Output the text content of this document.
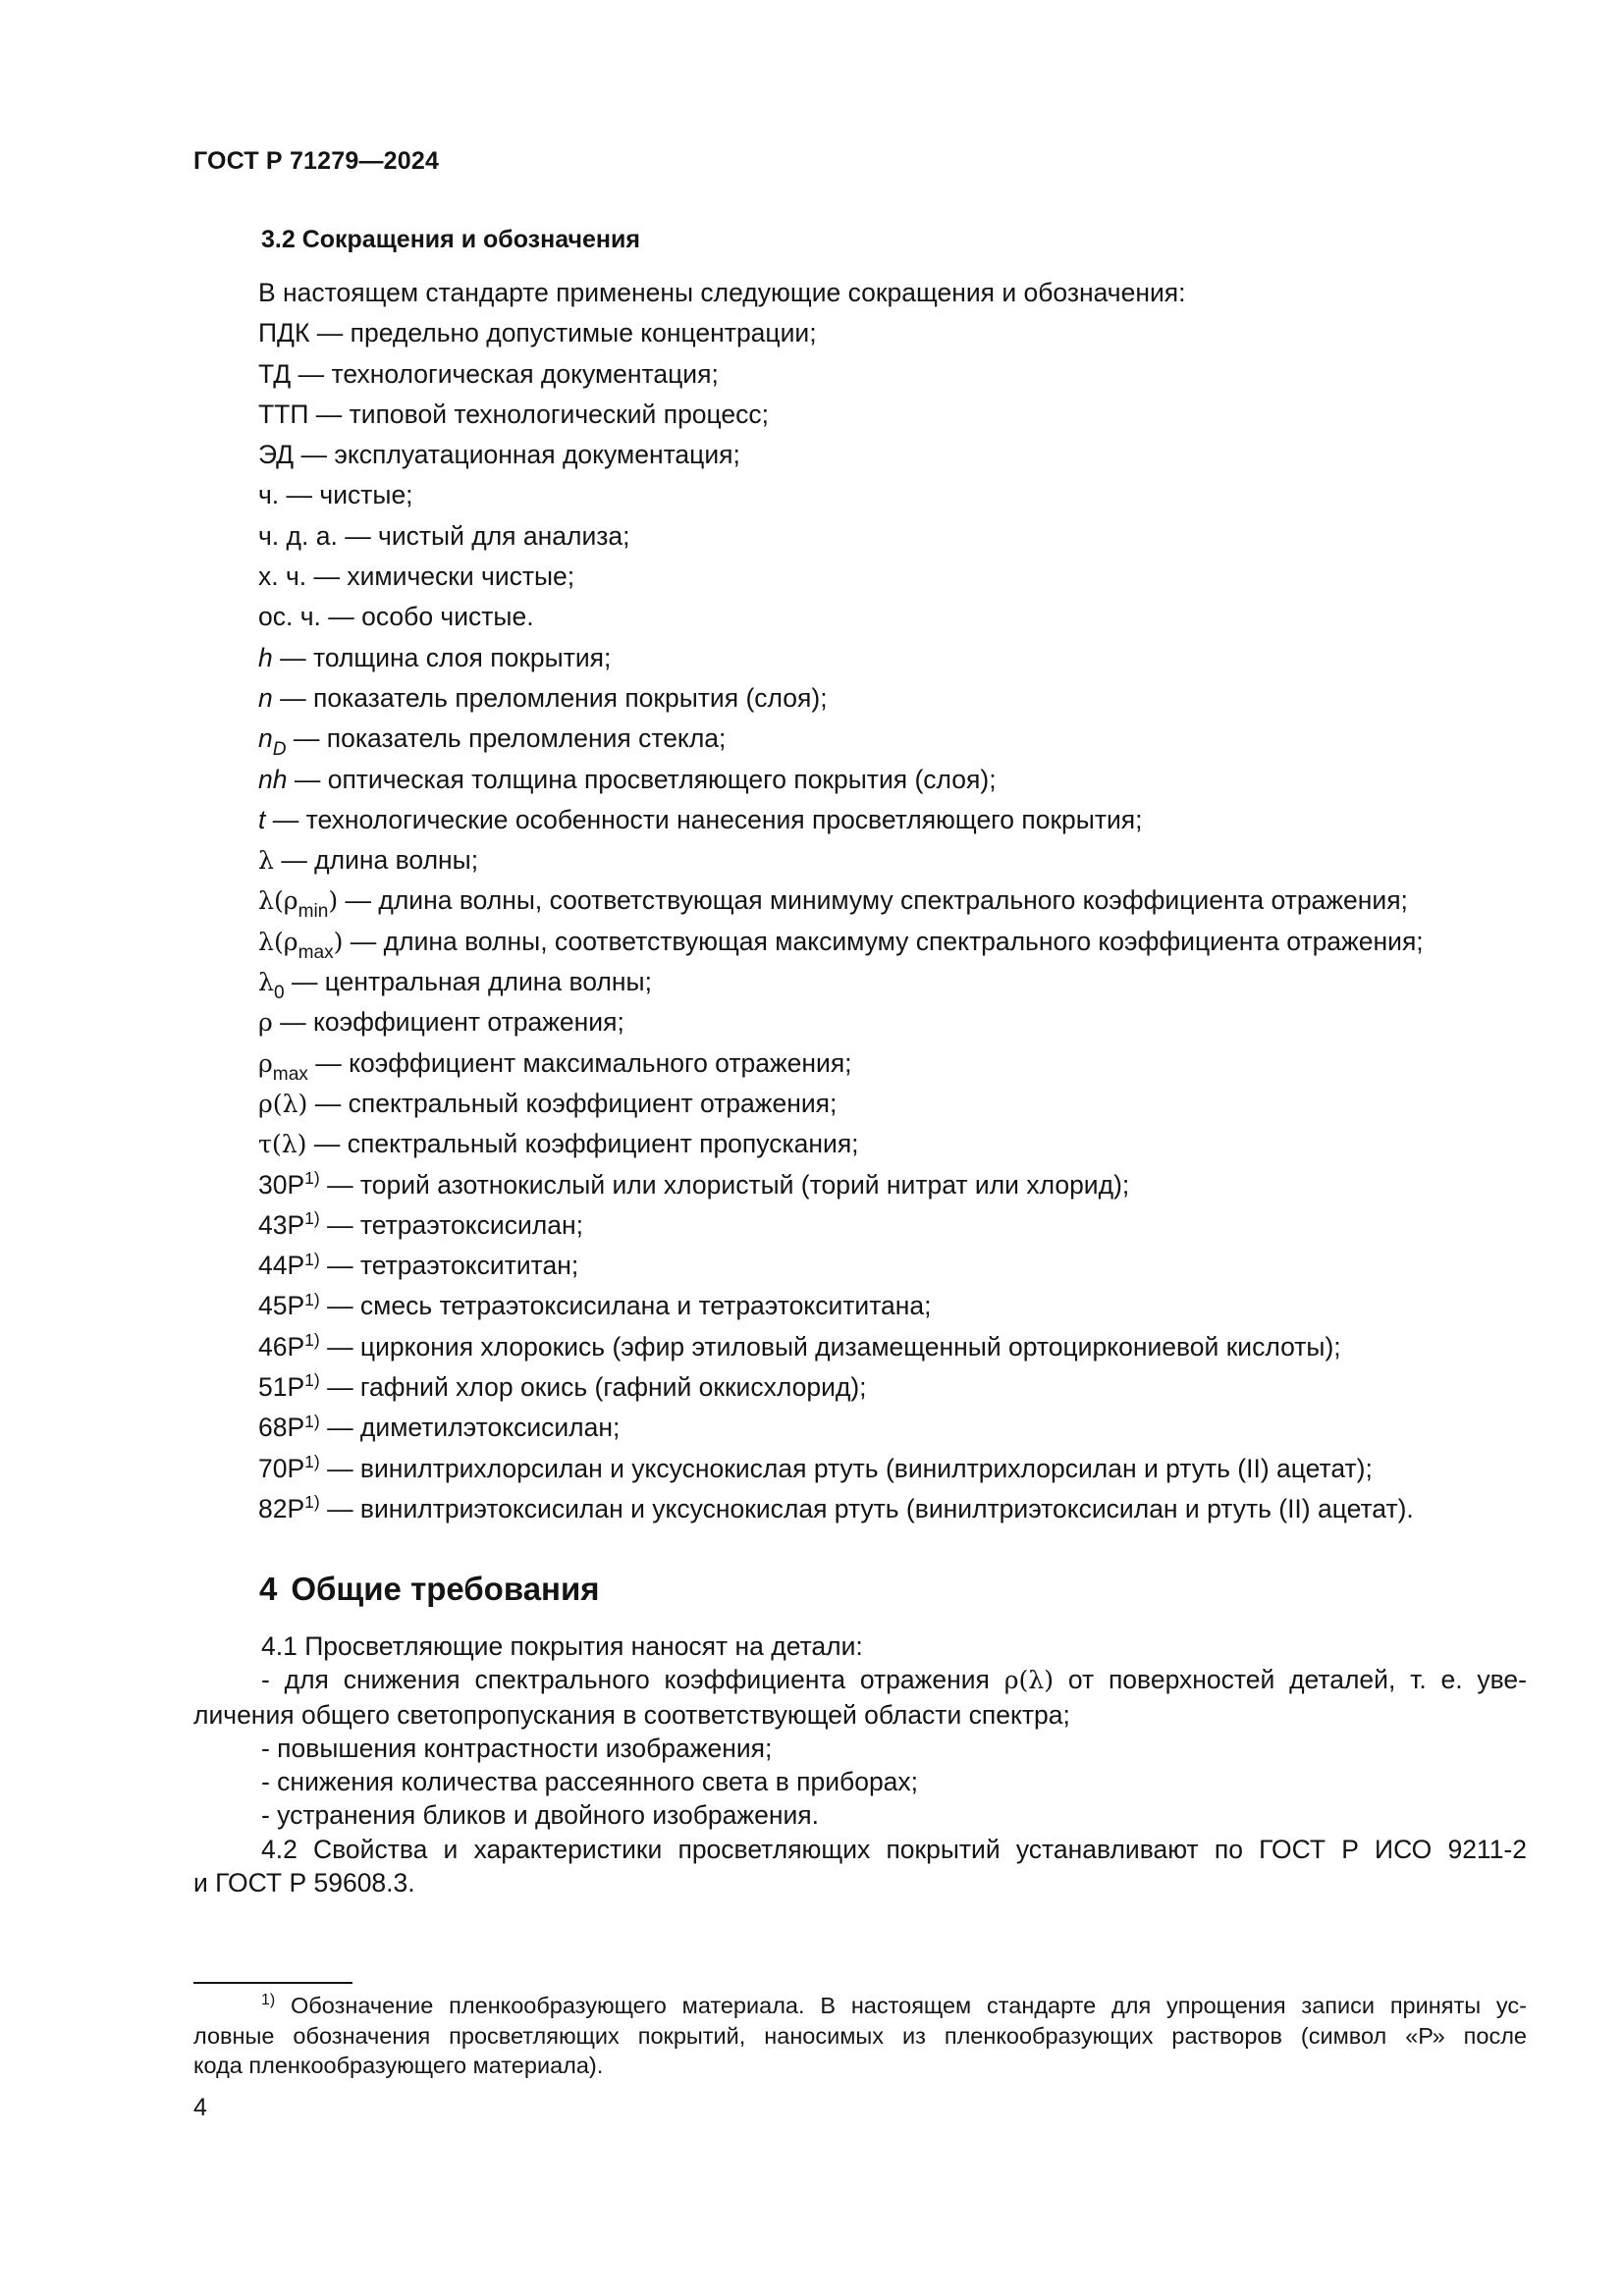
ГОСТ Р 71279—2024
3.2 Сокращения и обозначения
В настоящем стандарте применены следующие сокращения и обозначения:
ПДК — предельно допустимые концентрации;
ТД — технологическая документация;
ТТП — типовой технологический процесс;
ЭД — эксплуатационная документация;
ч. — чистые;
ч. д. а. — чистый для анализа;
х. ч. — химически чистые;
ос. ч. — особо чистые.
h — толщина слоя покрытия;
n — показатель преломления покрытия (слоя);
$n_D$ — показатель преломления стекла;
nh — оптическая толщина просветляющего покрытия (слоя);
t — технологические особенности нанесения просветляющего покрытия;
λ — длина волны;
$\lambda(\rho_{min})$ — длина волны, соответствующая минимуму спектрального коэффициента отражения;
$\lambda(\rho_{max})$ — длина волны, соответствующая максимуму спектрального коэффициента отражения;
$\lambda_0$ — центральная длина волны;
ρ — коэффициент отражения;
$\rho_{max}$ — коэффициент максимального отражения;
ρ(λ) — спектральный коэффициент отражения;
τ(λ) — спектральный коэффициент пропускания;
$30Р^{1)}$ — торий азотнокислый или хлористый (торий нитрат или хлорид);
$43Р^{1)}$ — тетраэтоксисилан;
$44Р^{1)}$ — тетраэтоксититан;
$45Р^{1)}$ — смесь тетраэтоксисилана и тетраэтоксититана;
$46Р^{1)}$ — циркония хлорокись (эфир этиловый дизамещенный ортоциркониевой кислоты);
$51Р^{1)}$ — гафний хлор окись (гафний оккисхлорид);
$68Р^{1)}$ — диметилэтоксисилан;
$70Р^{1)}$ — винилтрихлорсилан и уксуснокислая ртуть (винилтрихлорсилан и ртуть (II) ацетат);
$82Р^{1)}$ — винилтриэтоксисилан и уксуснокислая ртуть (винилтриэтоксисилан и ртуть (II) ацетат).
4 Общие требования
4.1 Просветляющие покрытия наносят на детали:
- для снижения спектрального коэффициента отражения ρ(λ) от поверхностей деталей, т. е. уве-
личения общего светопропускания в соответствующей области спектра;
- повышения контрастности изображения;
- снижения количества рассеянного света в приборах;
- устранения бликов и двойного изображения.
4.2 Свойства и характеристики просветляющих покрытий устанавливают по ГОСТ Р ИСО 9211-2
и ГОСТ Р 59608.3.
$^{1)}$ Обозначение пленкообразующего материала. В настоящем стандарте для упрощения записи приняты ус-
ловные обозначения просветляющих покрытий, наносимых из пленкообразующих растворов (символ «Р» после
кода пленкообразующего материала).
4
